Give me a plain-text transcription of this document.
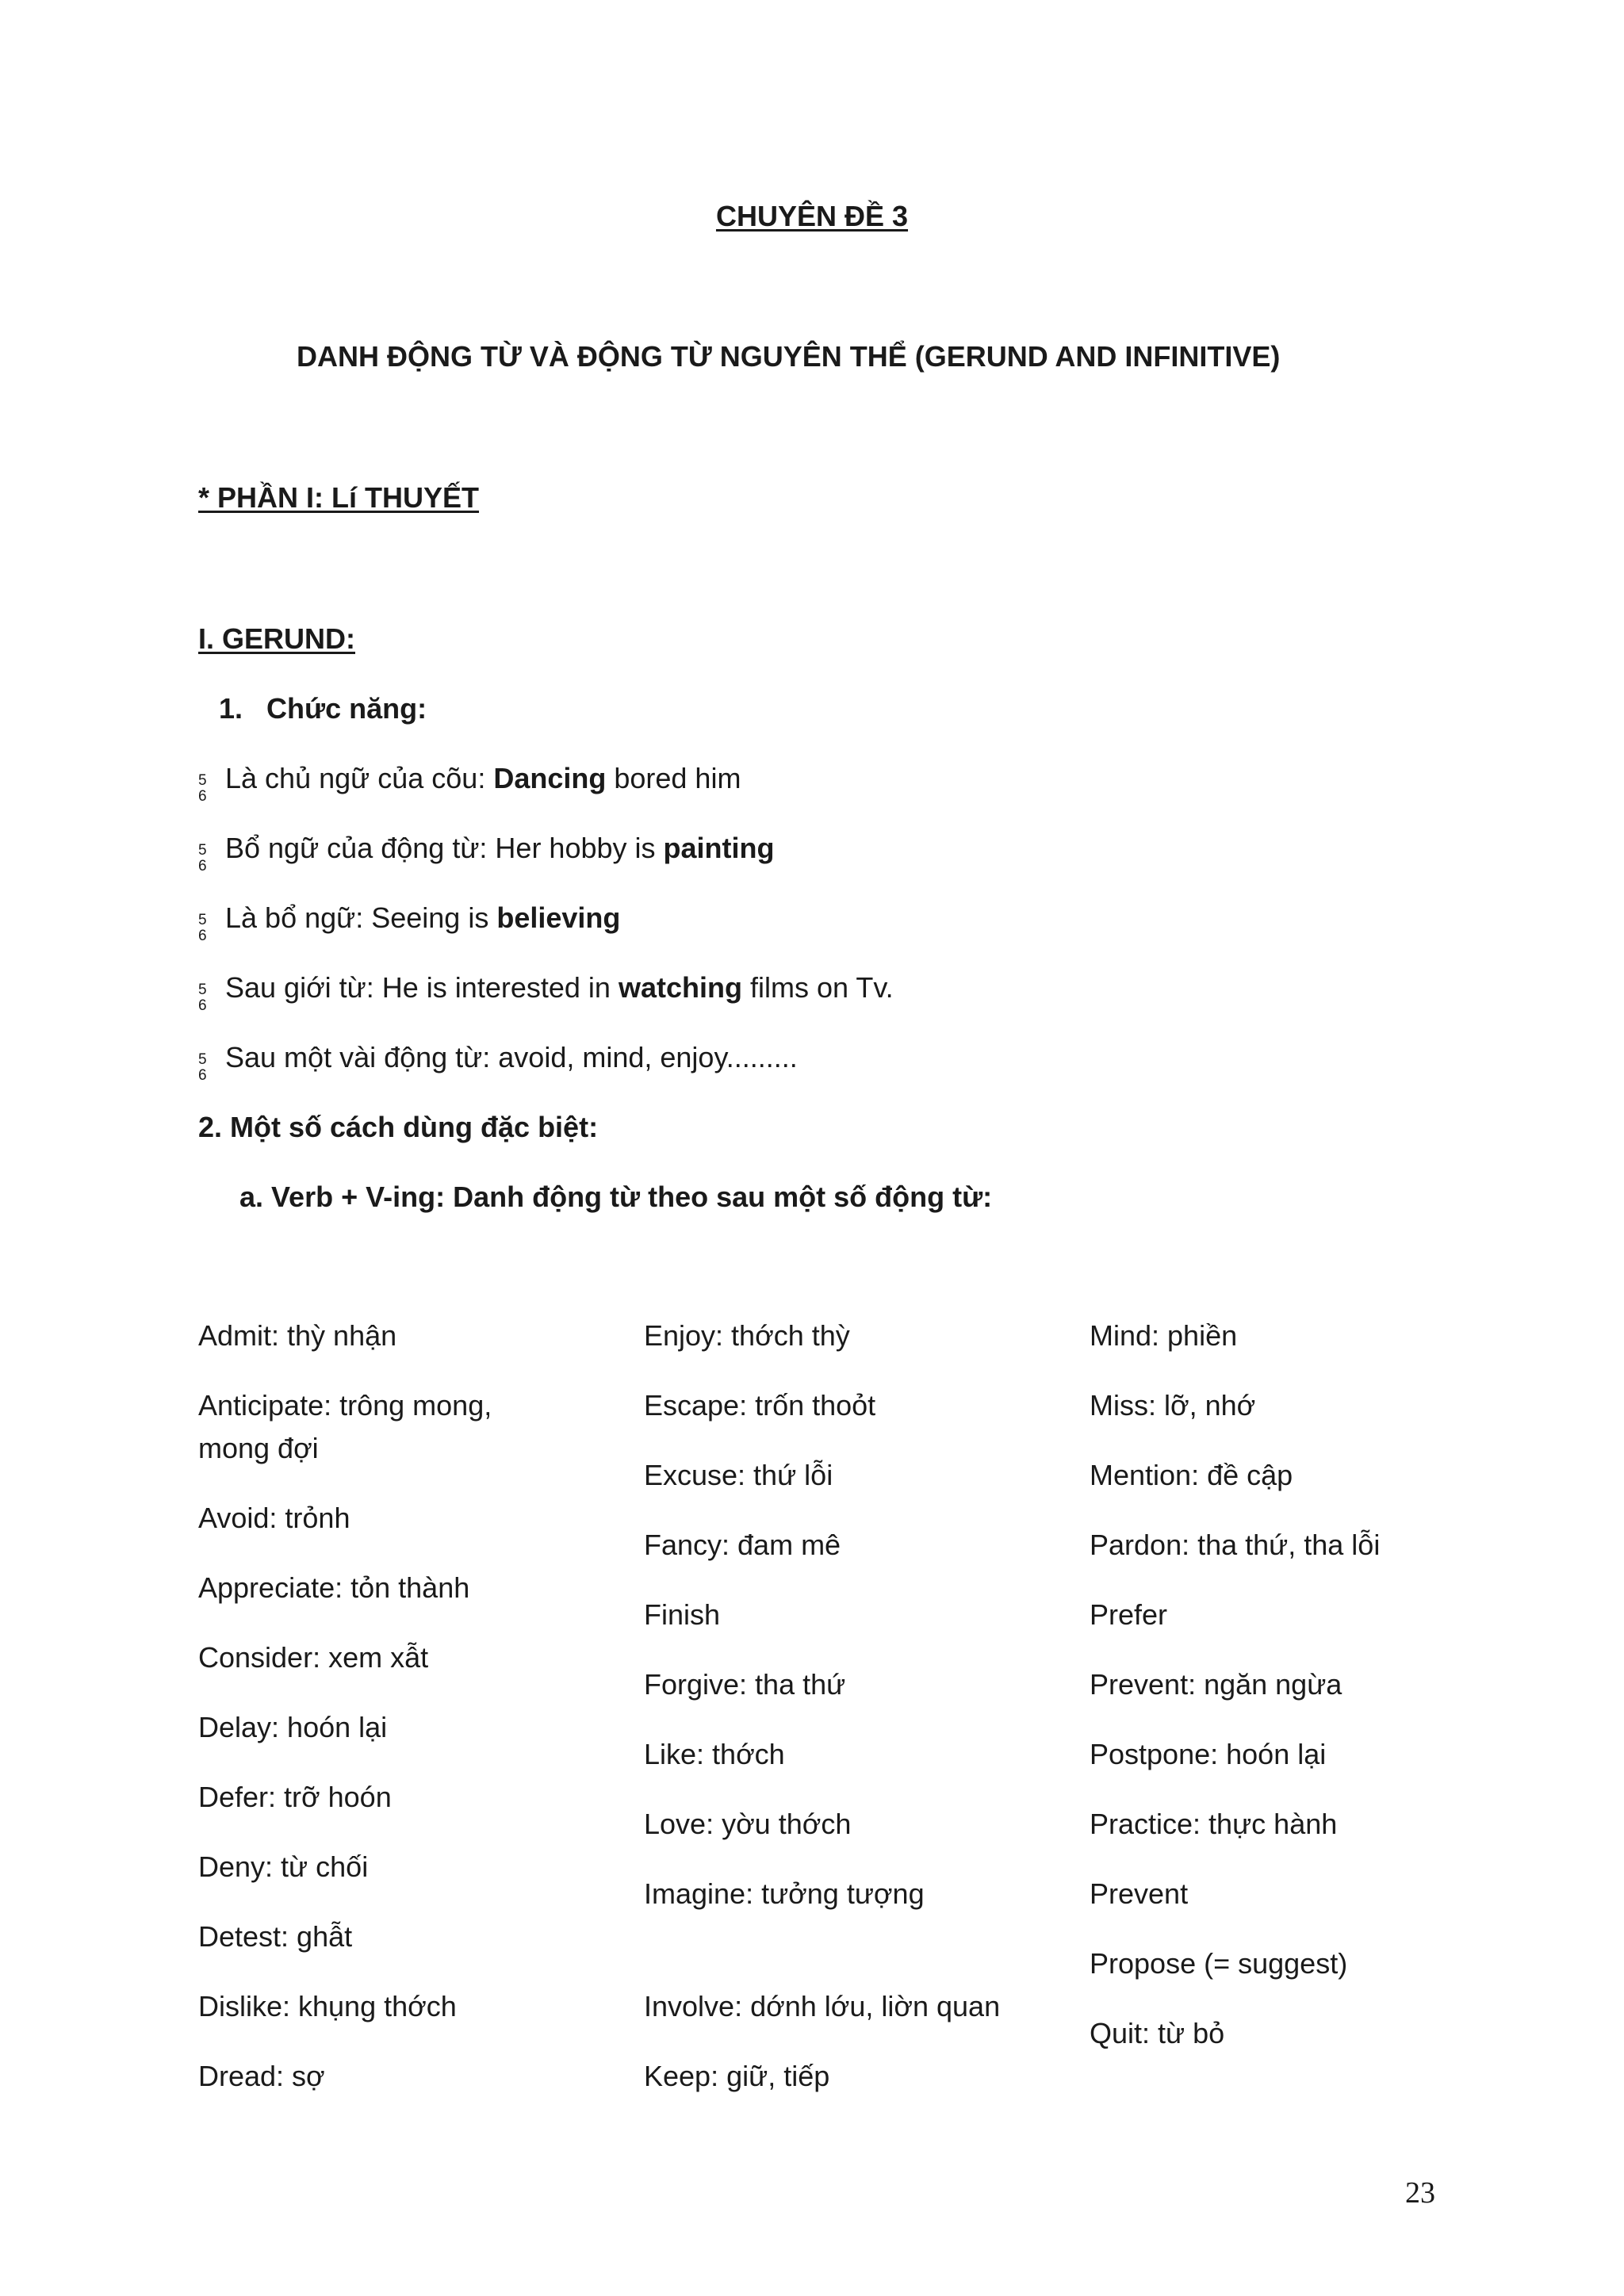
CHUYÊN ĐỀ 3
DANH ĐỘNG TỪ VÀ ĐỘNG TỪ NGUYÊN THỂ (GERUND AND INFINITIVE)
* PHẦN I: Lí THUYẾT
I. GERUND:
1. Chức năng:
5
6
Là chủ ngữ của cõu: Dancing bored him
5
6
Bổ ngữ của động từ: Her hobby is painting
5
6
Là bổ ngữ: Seeing is believing
5
6
Sau giới từ: He is interested in watching films on Tv.
5
6
Sau một vài động từ: avoid, mind, enjoy.........
2. Một số cách dùng đặc biệt:
a. Verb + V-ing: Danh động từ theo sau một số động từ:
Admit: thỳ nhận
Anticipate: trông mong, mong đợi
Avoid: trỏnh
Appreciate: tỏn thành
Consider: xem xẫt
Delay: hoón lại
Defer: trỡ hoón
Deny: từ chối
Detest: ghẫt
Dislike: khụng thớch
Dread: sợ
Enjoy: thớch thỳ
Escape: trốn thoỏt
Excuse: thứ lỗi
Fancy: đam mê
Finish
Forgive: tha thứ
Like: thớch
Love: yờu thớch
Imagine: tưởng tượng
Involve: dớnh lớu, liờn quan
Keep: giữ, tiếp
Mind: phiền
Miss: lỡ, nhớ
Mention: đề cập
Pardon: tha thứ, tha lỗi
Prefer
Prevent: ngăn ngừa
Postpone: hoón lại
Practice: thực hành
Prevent
Propose (= suggest)
Quit: từ bỏ
23
